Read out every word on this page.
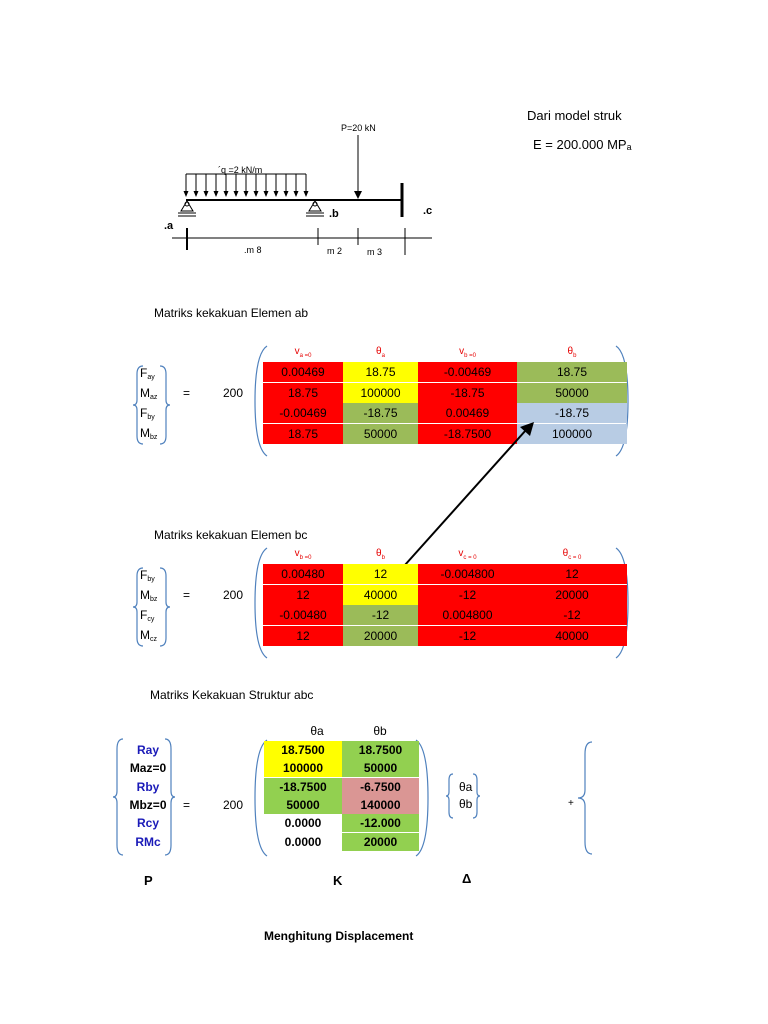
Dari model struk
E = 200.000 MPₐ
P=20 kN
´q =2 kN/m
.a
.b	.c
.m 8	m 2	m 3
Matriks kekakuan Elemen ab
$F_{ay}$
$M_{az}$
$F_{by}$
$M_{bz}$
=	200
$v_{a =0}$	$\theta_a$	$v_{b =0}$	$\theta_b$
0.00469	18.75	-0.00469	18.75
18.75	100000	-18.75	50000
-0.00469	-18.75	0.00469	-18.75
18.75	50000	-18.7500	100000
Matriks kekakuan Elemen bc
$F_{by}$
$M_{bz}$
$F_{cy}$
$M_{cz}$
=	200
$v_{b =0}$	$\theta_b$	$v_{c = 0}$	$\theta_{c = 0}$
0.00480	12	-0.004800	12
12	40000	-12	20000
-0.00480	-12	0.004800	-12
12	20000	-12	40000
Matriks Kekakuan Struktur abc
θa	θb
Ray
Maz=0
Rby
Mbz=0
Rcy
RMc
=	200
18.7500	18.7500
100000	50000
-18.7500	-6.7500
50000	140000
0.0000	-12.000
0.0000	20000
θa
θb	+
P	K	Δ
Menghitung Displacement
